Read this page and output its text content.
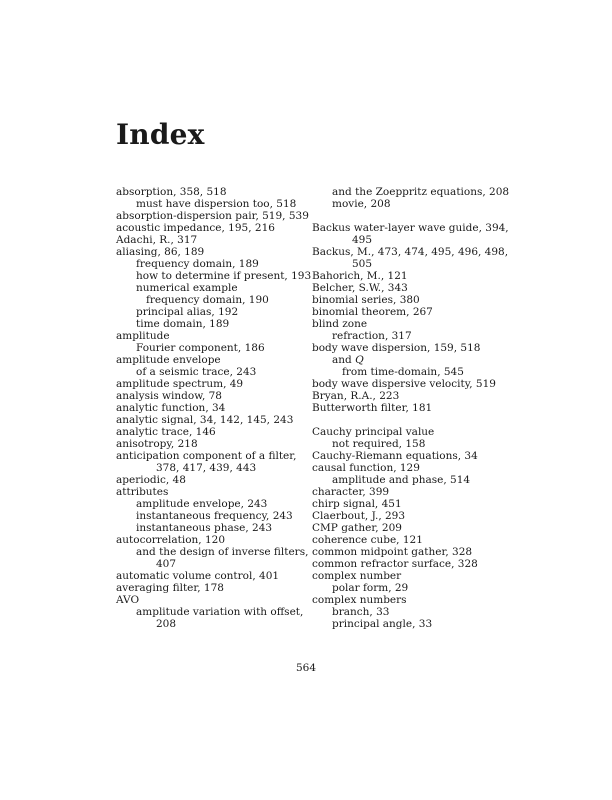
Index
absorption, 358, 518
must have dispersion too, 518
absorption-dispersion pair, 519, 539
acoustic impedance, 195, 216
Adachi, R., 317
aliasing, 86, 189
frequency domain, 189
how to determine if present, 193
numerical example
frequency domain, 190
principal alias, 192
time domain, 189
amplitude
Fourier component, 186
amplitude envelope
of a seismic trace, 243
amplitude spectrum, 49
analysis window, 78
analytic function, 34
analytic signal, 34, 142, 145, 243
analytic trace, 146
anisotropy, 218
anticipation component of a filter,
378, 417, 439, 443
aperiodic, 48
attributes
amplitude envelope, 243
instantaneous frequency, 243
instantaneous phase, 243
autocorrelation, 120
and the design of inverse filters,
407
automatic volume control, 401
averaging filter, 178
AVO
amplitude variation with offset,
208
and the Zoeppritz equations, 208
movie, 208
Backus water-layer wave guide, 394,
495
Backus, M., 473, 474, 495, 496, 498,
505
Bahorich, M., 121
Belcher, S.W., 343
binomial series, 380
binomial theorem, 267
blind zone
refraction, 317
body wave dispersion, 159, 518
and Q
from time-domain, 545
body wave dispersive velocity, 519
Bryan, R.A., 223
Butterworth filter, 181
Cauchy principal value
not required, 158
Cauchy-Riemann equations, 34
causal function, 129
amplitude and phase, 514
character, 399
chirp signal, 451
Claerbout, J., 293
CMP gather, 209
coherence cube, 121
common midpoint gather, 328
common refractor surface, 328
complex number
polar form, 29
complex numbers
branch, 33
principal angle, 33
564
